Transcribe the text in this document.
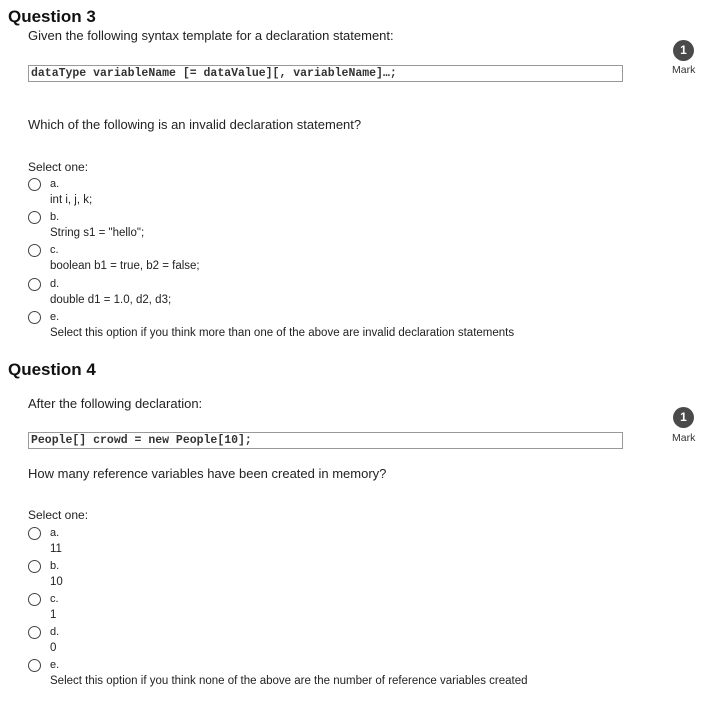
Question 3
Given the following syntax template for a declaration statement:
dataType variableName [= dataValue][, variableName]…;
1
Mark
Which of the following is an invalid declaration statement?
Select one:
a.
int i, j, k;
b.
String s1 = "hello";
c.
boolean b1 = true, b2 = false;
d.
double d1 = 1.0, d2, d3;
e.
Select this option if you think more than one of the above are invalid declaration statements
Question 4
After the following declaration:
1
Mark
People[] crowd = new People[10];
How many reference variables have been created in memory?
Select one:
a.
11
b.
10
c.
1
d.
0
e.
Select this option if you think none of the above are the number of reference variables created
